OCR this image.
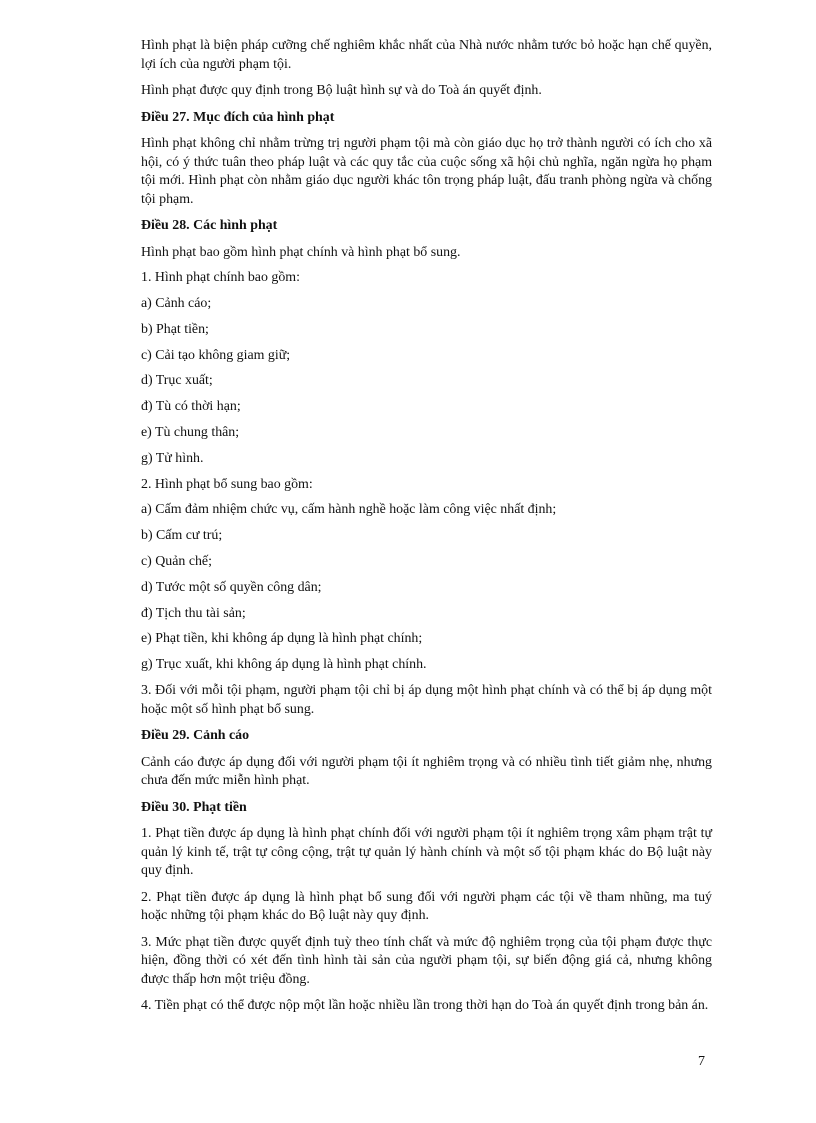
Hình phạt là biện pháp cưỡng chế nghiêm khắc nhất của Nhà nước nhằm tước bỏ hoặc hạn chế quyền, lợi ích của người phạm tội.

Hình phạt được quy định trong Bộ luật hình sự và do Toà án quyết định.

Điều 27. Mục đích của hình phạt

Hình phạt không chỉ nhằm trừng trị người phạm tội mà còn giáo dục họ trở thành người có ích cho xã hội, có ý thức tuân theo pháp luật và các quy tắc của cuộc sống xã hội chủ nghĩa, ngăn ngừa họ phạm tội mới. Hình phạt còn nhằm giáo dục người khác tôn trọng pháp luật, đấu tranh phòng ngừa và chống tội phạm.

Điều 28. Các hình phạt

Hình phạt bao gồm hình phạt chính và hình phạt bổ sung.

1. Hình phạt chính bao gồm:

a) Cảnh cáo;

b) Phạt tiền;

c) Cải tạo không giam giữ;

d) Trục xuất;

đ) Tù có thời hạn;

e) Tù chung thân;

g) Tử hình.

2. Hình phạt bổ sung bao gồm:

a) Cấm đảm nhiệm chức vụ, cấm hành nghề hoặc làm công việc nhất định;

b) Cấm cư trú;

c) Quản chế;

d) Tước một số quyền công dân;

đ) Tịch thu tài sản;

e) Phạt tiền, khi không áp dụng là hình phạt chính;

g) Trục xuất, khi không áp dụng là hình phạt chính.

3. Đối với mỗi tội phạm, người phạm tội chỉ bị áp dụng một hình phạt chính và có thể bị áp dụng một hoặc một số hình phạt bổ sung.

Điều 29. Cảnh cáo

Cảnh cáo được áp dụng đối với người phạm tội ít nghiêm trọng và có nhiều tình tiết giảm nhẹ, nhưng chưa đến mức miễn hình phạt.

Điều 30. Phạt tiền

1. Phạt tiền được áp dụng là hình phạt chính đối với người phạm tội ít nghiêm trọng xâm phạm trật tự quản lý kinh tế, trật tự công cộng, trật tự quản lý hành chính và một số tội phạm khác do Bộ luật này quy định.

2. Phạt tiền được áp dụng là hình phạt bổ sung đối với người phạm các tội về tham nhũng, ma tuý hoặc những tội phạm khác do Bộ luật này quy định.

3. Mức phạt tiền được quyết định tuỳ theo tính chất và mức độ nghiêm trọng của tội phạm được thực hiện, đồng thời có xét đến tình hình tài sản của người phạm tội, sự biến động giá cả, nhưng không được thấp hơn một triệu đồng.

4. Tiền phạt có thể được nộp một lần hoặc nhiều lần trong thời hạn do Toà án quyết định trong bản án.

7
